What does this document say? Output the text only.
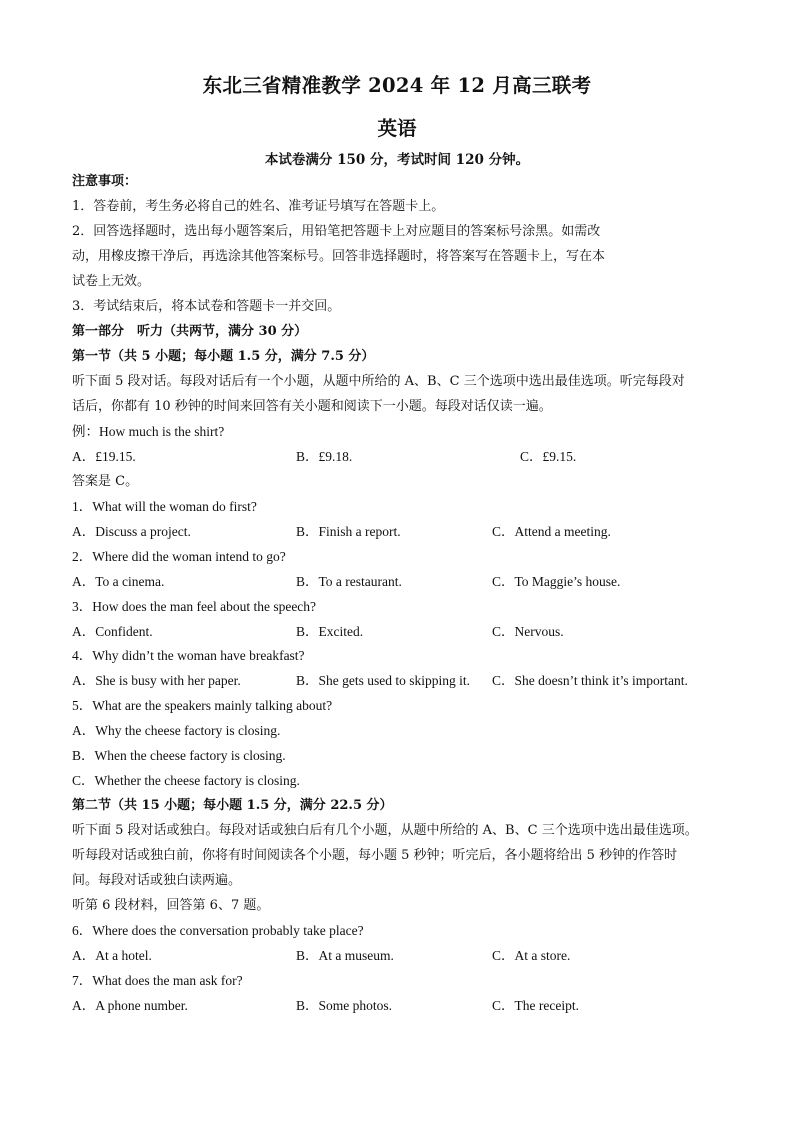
东北三省精准教学 2024 年 12 月高三联考
英语
本试卷满分 150 分，考试时间 120 分钟。
注意事项：
1．答卷前，考生务必将自己的姓名、准考证号填写在答题卡上。
2．回答选择题时，选出每小题答案后，用铅笔把答题卡上对应题目的答案标号涂黑。如需改
动，用橡皮擦干净后，再选涂其他答案标号。回答非选择题时，将答案写在答题卡上，写在本
试卷上无效。
3．考试结束后，将本试卷和答题卡一并交回。
第一部分　听力（共两节，满分 30 分）
第一节（共 5 小题；每小题 1.5 分，满分 7.5 分）
听下面 5 段对话。每段对话后有一个小题，从题中所给的 A、B、C 三个选项中选出最佳选项。听完每段对
话后，你都有 10 秒钟的时间来回答有关小题和阅读下一小题。每段对话仅读一遍。
例：How much is the shirt?
A．£19.15.	B．£9.18.	C．£9.15.
答案是 C。
1．What will the woman do first?
A．Discuss a project.	B．Finish a report.	C．Attend a meeting.
2．Where did the woman intend to go?
A．To a cinema.	B．To a restaurant.	C．To Maggie’s house.
3．How does the man feel about the speech?
A．Confident.	B．Excited.	C．Nervous.
4．Why didn’t the woman have breakfast?
A．She is busy with her paper.	B．She gets used to skipping it. C．She doesn’t think it’s important.
5．What are the speakers mainly talking about?
A．Why the cheese factory is closing.
B．When the cheese factory is closing.
C．Whether the cheese factory is closing.
第二节（共 15 小题；每小题 1.5 分，满分 22.5 分）
听下面 5 段对话或独白。每段对话或独白后有几个小题，从题中所给的 A、B、C 三个选项中选出最佳选项。
听每段对话或独白前，你将有时间阅读各个小题，每小题 5 秒钟；听完后，各小题将给出 5 秒钟的作答时
间。每段对话或独白读两遍。
听第 6 段材料，回答第 6、7 题。
6．Where does the conversation probably take place?
A．At a hotel.	B．At a museum.	C．At a store.
7．What does the man ask for?
A．A phone number.	B．Some photos.	C．The receipt.
